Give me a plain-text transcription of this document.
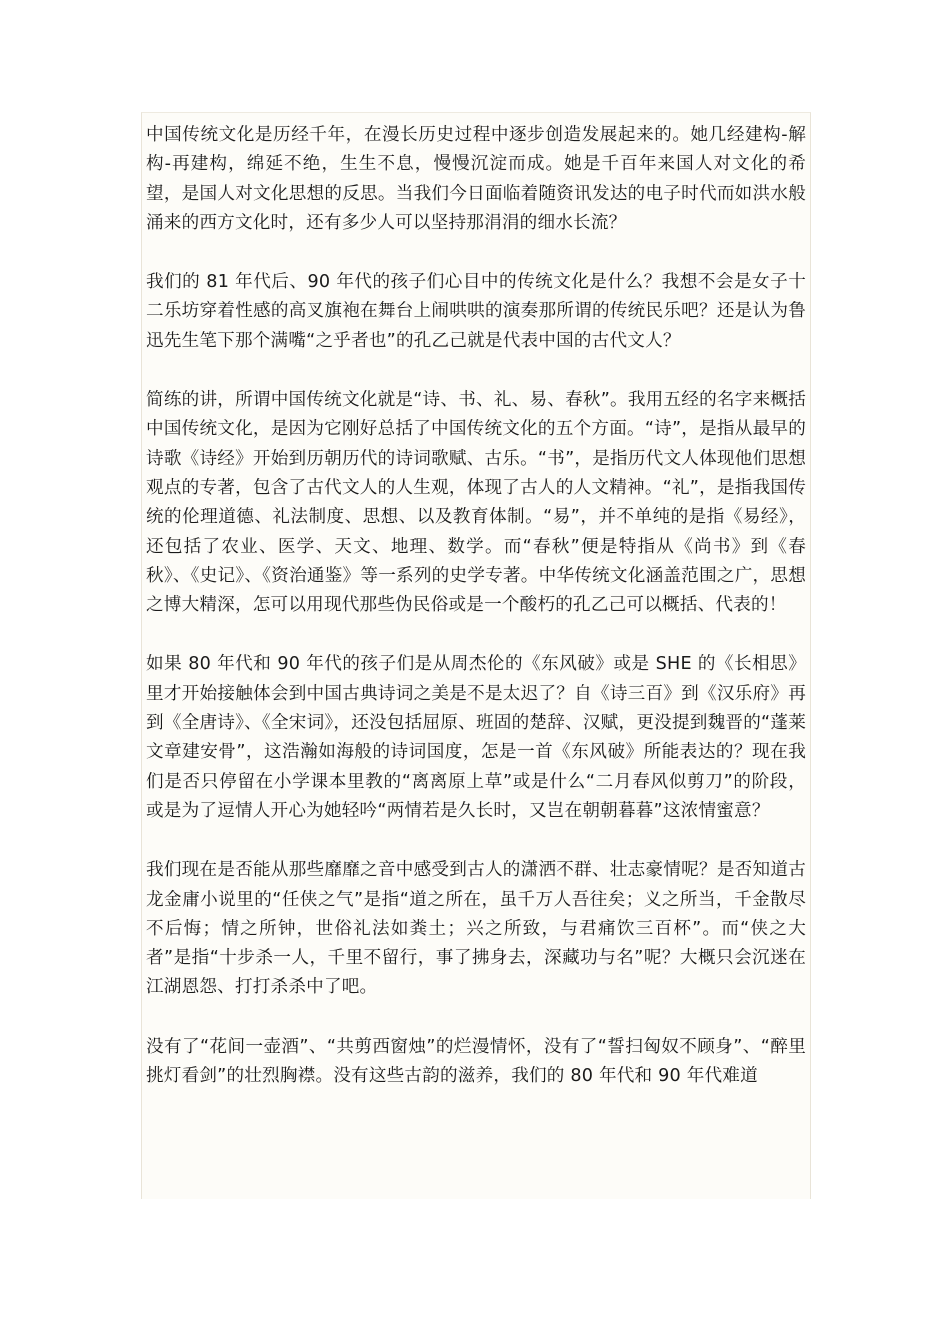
中国传统文化是历经千年，在漫长历史过程中逐步创造发展起来的。她几经建构-解构-再建构，绵延不绝，生生不息，慢慢沉淀而成。她是千百年来国人对文化的希望，是国人对文化思想的反思。当我们今日面临着随资讯发达的电子时代而如洪水般涌来的西方文化时，还有多少人可以坚持那涓涓的细水长流？

我们的 81 年代后、90 年代的孩子们心目中的传统文化是什么？我想不会是女子十二乐坊穿着性感的高叉旗袍在舞台上闹哄哄的演奏那所谓的传统民乐吧？还是认为鲁迅先生笔下那个满嘴“之乎者也”的孔乙己就是代表中国的古代文人？

简练的讲，所谓中国传统文化就是“诗、书、礼、易、春秋”。我用五经的名字来概括中国传统文化，是因为它刚好总括了中国传统文化的五个方面。“诗”，是指从最早的诗歌《诗经》开始到历朝历代的诗词歌赋、古乐。“书”，是指历代文人体现他们思想观点的专著，包含了古代文人的人生观，体现了古人的人文精神。“礼”，是指我国传统的伦理道德、礼法制度、思想、以及教育体制。“易”，并不单纯的是指《易经》，还包括了农业、医学、天文、地理、数学。而“春秋”便是特指从《尚书》到《春秋》、《史记》、《资治通鉴》等一系列的史学专著。中华传统文化涵盖范围之广，思想之博大精深，怎可以用现代那些伪民俗或是一个酸朽的孔乙己可以概括、代表的！

如果 80 年代和 90 年代的孩子们是从周杰伦的《东风破》或是 SHE 的《长相思》里才开始接触体会到中国古典诗词之美是不是太迟了？自《诗三百》到《汉乐府》再到《全唐诗》、《全宋词》，还没包括屈原、班固的楚辞、汉赋，更没提到魏晋的“蓬莱文章建安骨”，这浩瀚如海般的诗词国度，怎是一首《东风破》所能表达的？现在我们是否只停留在小学课本里教的“离离原上草”或是什么“二月春风似剪刀”的阶段，或是为了逗情人开心为她轻吟“两情若是久长时，又岂在朝朝暮暮”这浓情蜜意？

我们现在是否能从那些靡靡之音中感受到古人的潇洒不群、壮志豪情呢？是否知道古龙金庸小说里的“任侠之气”是指“道之所在，虽千万人吾往矣；义之所当，千金散尽不后悔；情之所钟，世俗礼法如粪土；兴之所致，与君痛饮三百杯”。而“侠之大者”是指“十步杀一人，千里不留行，事了拂身去，深藏功与名”呢？大概只会沉迷在江湖恩怨、打打杀杀中了吧。

没有了“花间一壶酒”、“共剪西窗烛”的烂漫情怀，没有了“誓扫匈奴不顾身”、“醉里挑灯看剑”的壮烈胸襟。没有这些古韵的滋养，我们的 80 年代和 90 年代难道
